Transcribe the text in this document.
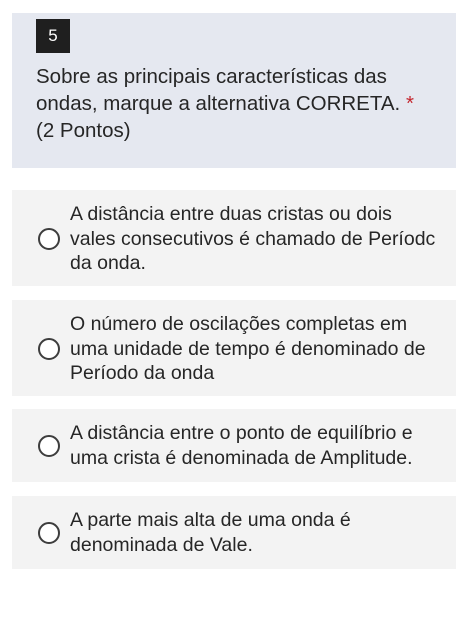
5
Sobre as principais características das ondas, marque a alternativa CORRETA. *
(2 Pontos)
A distância entre duas cristas ou dois
vales consecutivos é chamado de Períodc
da onda.
O número de oscilações completas em
uma unidade de tempo é denominado de
Período da onda
A distância entre o ponto de equilíbrio e
uma crista é denominada de Amplitude.
A parte mais alta de uma onda é
denominada de Vale.
